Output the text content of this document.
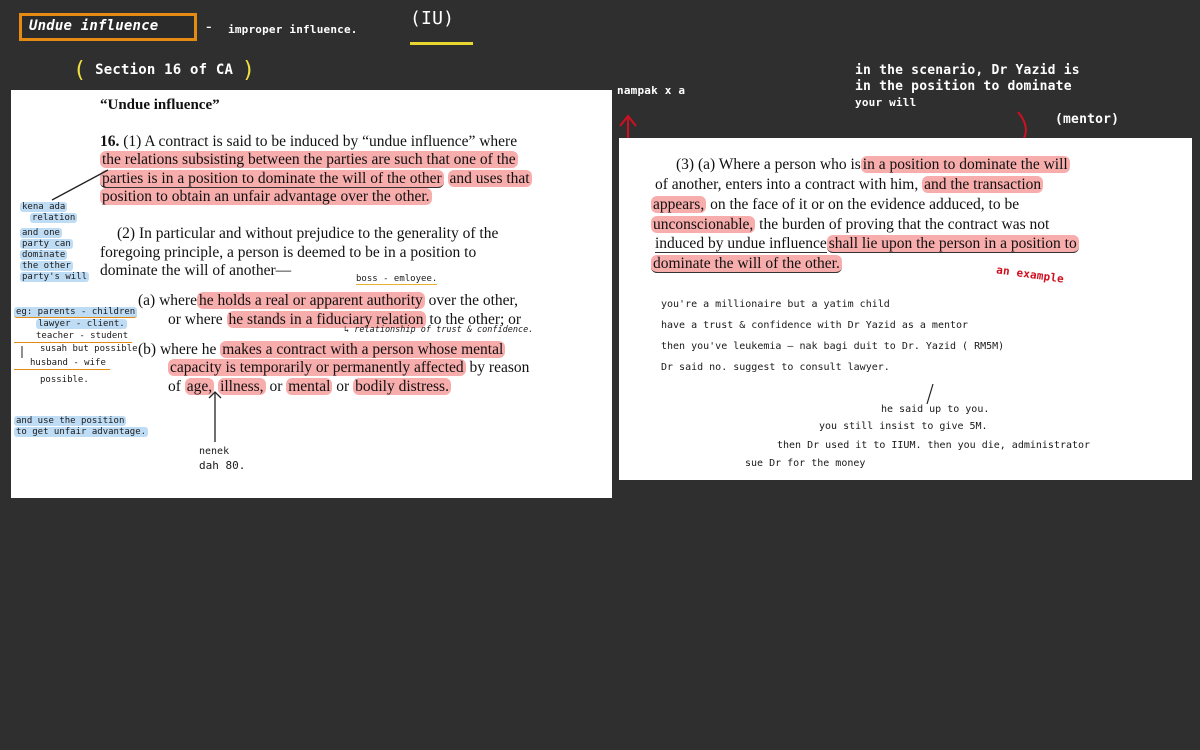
Undue influence	- improper influence.
(IU)
( Section 16 of CA )
“Undue influence”
16. (1) A contract is said to be induced by “undue influence” where
the relations subsisting between the parties are such that one of the
parties is in a position to dominate the will of the other and uses that
position to obtain an unfair advantage over the other.
(2) In particular and without prejudice to the generality of the
foregoing principle, a person is deemed to be in a position to
dominate the will of another—
(a) where he holds a real or apparent authority over the other,
or where he stands in a fiduciary relation to the other; or
(b) where he makes a contract with a person whose mental
capacity is temporarily or permanently affected by reason
of age, illness, or mental or bodily distress.
boss - emloyee.
↳ relationship of trust & confidence.
nenek
dah 80.
kena ada
relation
and one
party can
dominate
the other
party's will
eg: parents - children
lawyer - client.
teacher - student
susah but possible
husband - wife
possible.
and use the position
to get unfair advantage.
nampak x a
in the scenario, Dr Yazid is
in the position to dominate
your will
(mentor)
(3) (a) Where a person who is in a position to dominate the will
of another, enters into a contract with him, and the transaction
appears, on the face of it or on the evidence adduced, to be
unconscionable, the burden of proving that the contract was not
induced by undue influence shall lie upon the person in a position to
dominate the will of the other.	an example
you're a millionaire but a yatim child
have a trust & confidence with Dr Yazid as a mentor
then you've leukemia — nak bagi duit to Dr. Yazid ( RM5M)
Dr said no. suggest to consult lawyer.
he said up to you.
you still insist to give 5M.
then Dr used it to IIUM. then you die, administrator
sue Dr for the money
